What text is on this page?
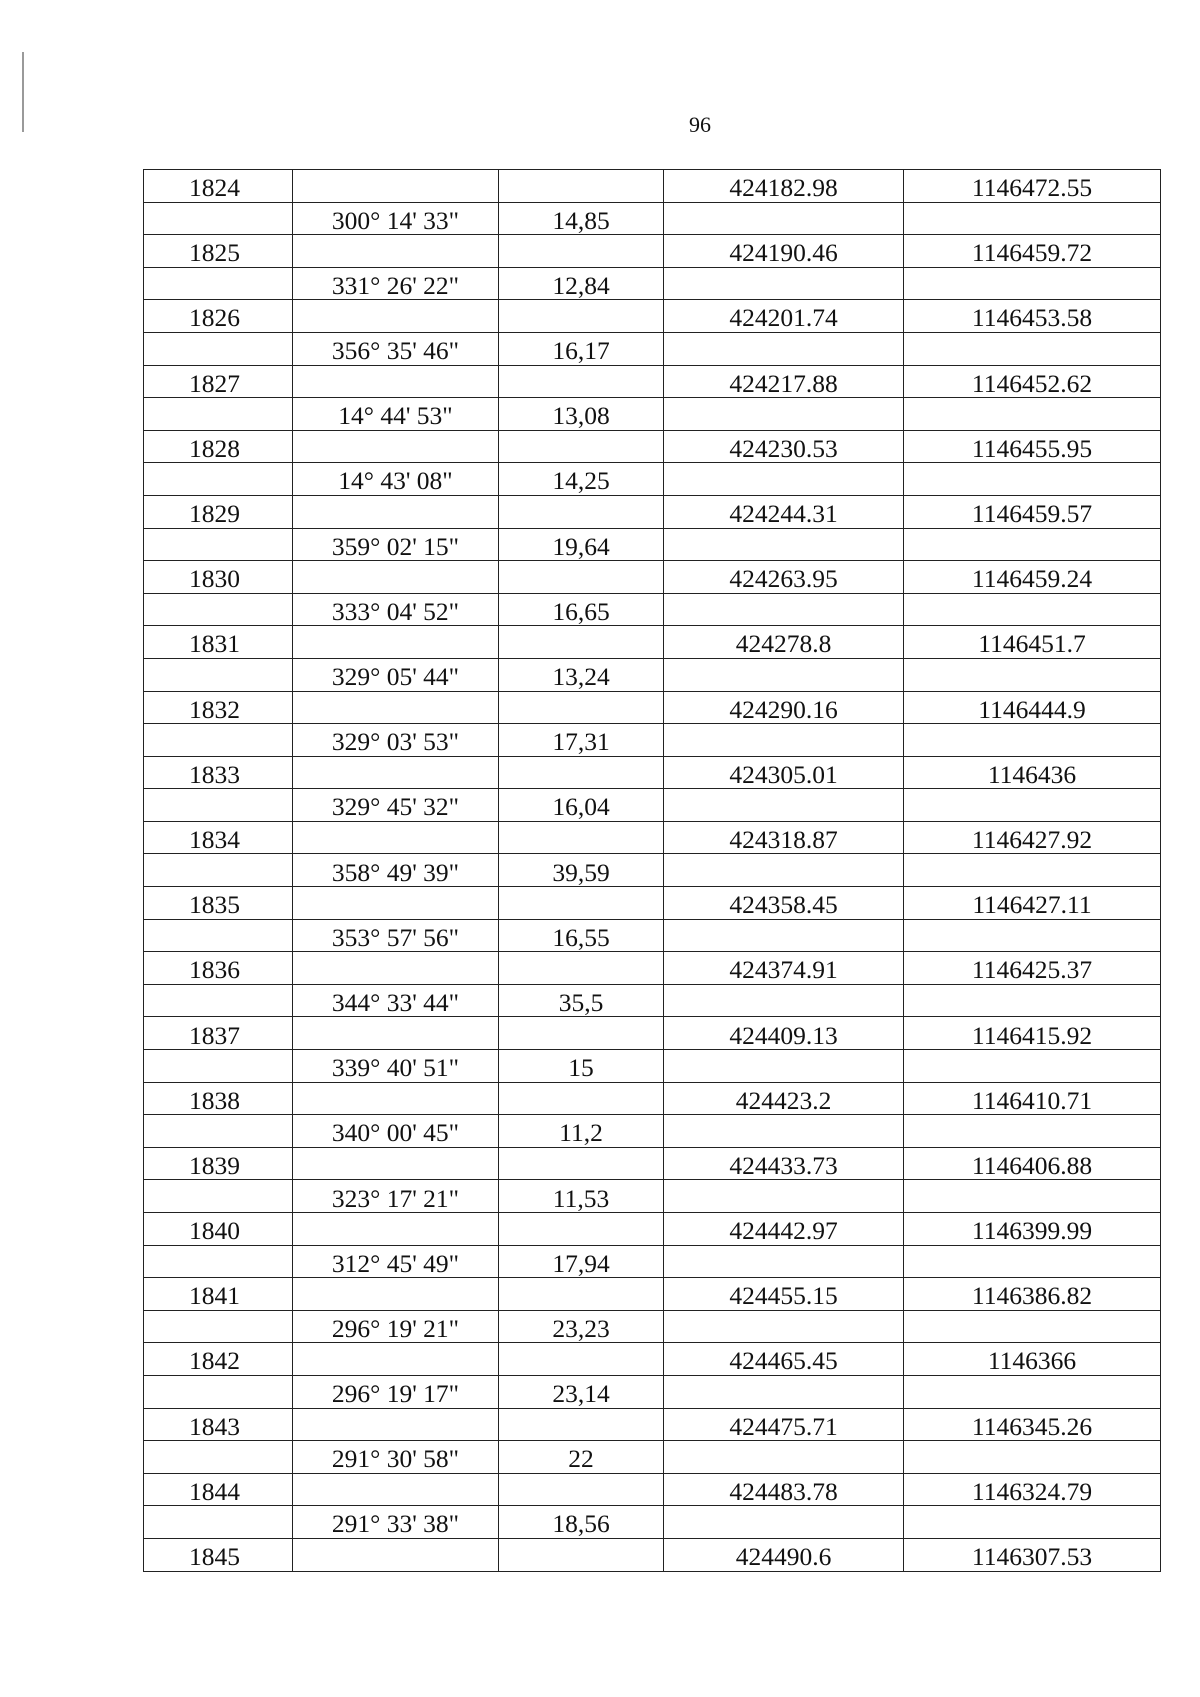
96
1824			424182.98	1146472.55
	300° 14' 33"	14,85		
1825			424190.46	1146459.72
	331° 26' 22"	12,84		
1826			424201.74	1146453.58
	356° 35' 46"	16,17		
1827			424217.88	1146452.62
	14° 44' 53"	13,08		
1828			424230.53	1146455.95
	14° 43' 08"	14,25		
1829			424244.31	1146459.57
	359° 02' 15"	19,64		
1830			424263.95	1146459.24
	333° 04' 52"	16,65		
1831			424278.8	1146451.7
	329° 05' 44"	13,24		
1832			424290.16	1146444.9
	329° 03' 53"	17,31		
1833			424305.01	1146436
	329° 45' 32"	16,04		
1834			424318.87	1146427.92
	358° 49' 39"	39,59		
1835			424358.45	1146427.11
	353° 57' 56"	16,55		
1836			424374.91	1146425.37
	344° 33' 44"	35,5		
1837			424409.13	1146415.92
	339° 40' 51"	15		
1838			424423.2	1146410.71
	340° 00' 45"	11,2		
1839			424433.73	1146406.88
	323° 17' 21"	11,53		
1840			424442.97	1146399.99
	312° 45' 49"	17,94		
1841			424455.15	1146386.82
	296° 19' 21"	23,23		
1842			424465.45	1146366
	296° 19' 17"	23,14		
1843			424475.71	1146345.26
	291° 30' 58"	22		
1844			424483.78	1146324.79
	291° 33' 38"	18,56		
1845			424490.6	1146307.53
